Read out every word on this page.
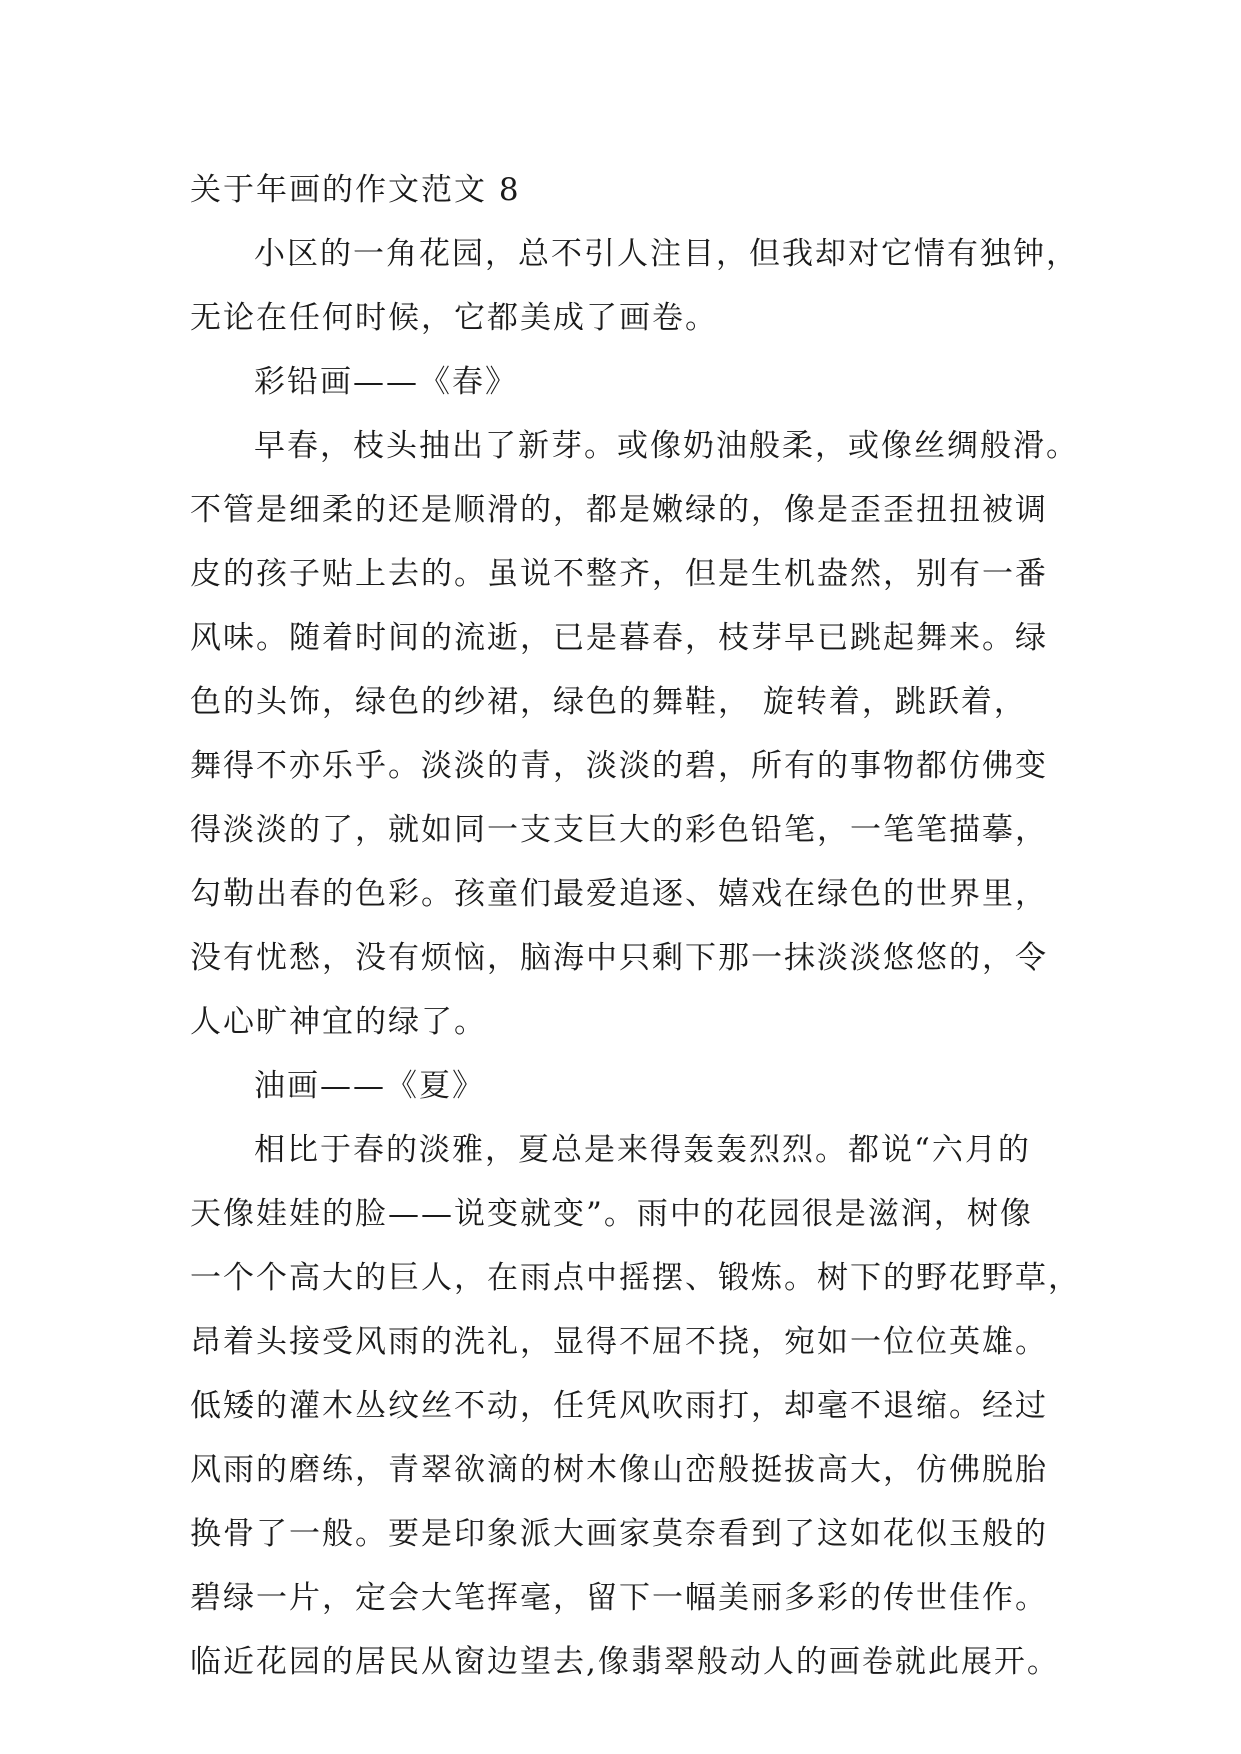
关于年画的作文范文 8
小区的一角花园，总不引人注目，但我却对它情有独钟，
无论在任何时候，它都美成了画卷。
彩铅画——《春》
早春，枝头抽出了新芽。或像奶油般柔，或像丝绸般滑。
不管是细柔的还是顺滑的，都是嫩绿的，像是歪歪扭扭被调
皮的孩子贴上去的。虽说不整齐，但是生机盎然，别有一番
风味。随着时间的流逝，已是暮春，枝芽早已跳起舞来。绿
色的头饰，绿色的纱裙，绿色的舞鞋， 旋转着，跳跃着，
舞得不亦乐乎。淡淡的青，淡淡的碧，所有的事物都仿佛变
得淡淡的了，就如同一支支巨大的彩色铅笔，一笔笔描摹，
勾勒出春的色彩。孩童们最爱追逐、嬉戏在绿色的世界里，
没有忧愁，没有烦恼，脑海中只剩下那一抹淡淡悠悠的，令
人心旷神宜的绿了。
油画——《夏》
相比于春的淡雅，夏总是来得轰轰烈烈。都说“六月的
天像娃娃的脸——说变就变”。雨中的花园很是滋润，树像
一个个高大的巨人，在雨点中摇摆、锻炼。树下的野花野草，
昂着头接受风雨的洗礼，显得不屈不挠，宛如一位位英雄。
低矮的灌木丛纹丝不动，任凭风吹雨打，却毫不退缩。经过
风雨的磨练，青翠欲滴的树木像山峦般挺拔高大，仿佛脱胎
换骨了一般。要是印象派大画家莫奈看到了这如花似玉般的
碧绿一片，定会大笔挥毫，留下一幅美丽多彩的传世佳作。
临近花园的居民从窗边望去,像翡翠般动人的画卷就此展开。
